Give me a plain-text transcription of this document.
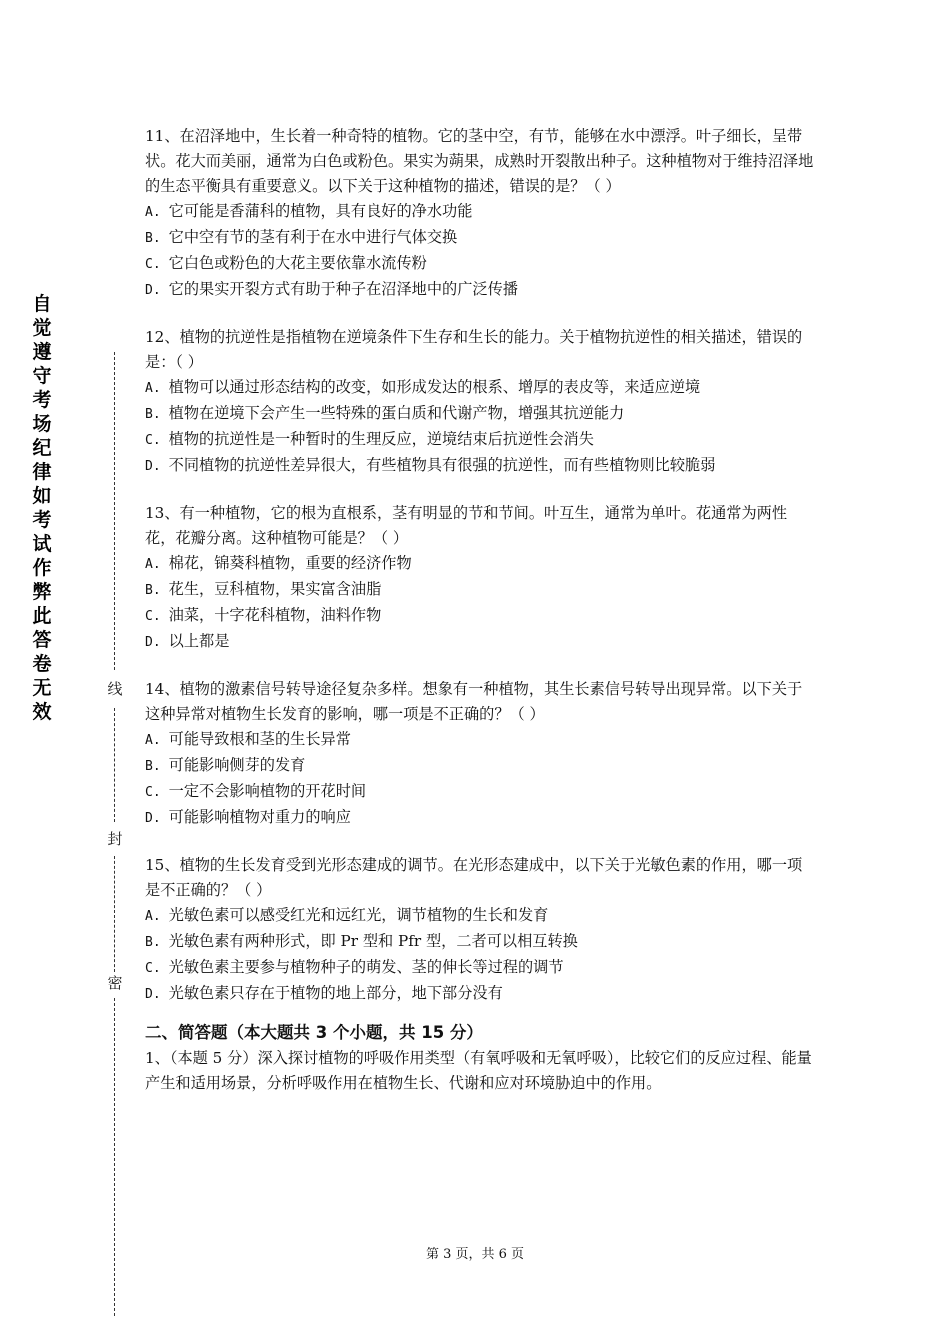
自
觉
遵
守
考
场
纪
律
如
考
试
作
弊
此
答
卷
无
效
线
封
密

11、在沼泽地中，生长着一种奇特的植物。它的茎中空，有节，能够在水中漂浮。叶子细长，呈带状。花大而美丽，通常为白色或粉色。果实为蒴果，成熟时开裂散出种子。这种植物对于维持沼泽地的生态平衡具有重要意义。以下关于这种植物的描述，错误的是？（ ）

A. 它可能是香蒲科的植物，具有良好的净水功能

B. 它中空有节的茎有利于在水中进行气体交换

C. 它白色或粉色的大花主要依靠水流传粉

D. 它的果实开裂方式有助于种子在沼泽地中的广泛传播

12、植物的抗逆性是指植物在逆境条件下生存和生长的能力。关于植物抗逆性的相关描述，错误的是：（ ）

A. 植物可以通过形态结构的改变，如形成发达的根系、增厚的表皮等，来适应逆境

B. 植物在逆境下会产生一些特殊的蛋白质和代谢产物，增强其抗逆能力

C. 植物的抗逆性是一种暂时的生理反应，逆境结束后抗逆性会消失

D. 不同植物的抗逆性差异很大，有些植物具有很强的抗逆性，而有些植物则比较脆弱

13、有一种植物，它的根为直根系，茎有明显的节和节间。叶互生，通常为单叶。花通常为两性花，花瓣分离。这种植物可能是？（ ）

A. 棉花，锦葵科植物，重要的经济作物

B. 花生，豆科植物，果实富含油脂

C. 油菜，十字花科植物，油料作物

D. 以上都是

14、植物的激素信号转导途径复杂多样。想象有一种植物，其生长素信号转导出现异常。以下关于这种异常对植物生长发育的影响，哪一项是不正确的？（ ）

A. 可能导致根和茎的生长异常

B. 可能影响侧芽的发育

C. 一定不会影响植物的开花时间

D. 可能影响植物对重力的响应

15、植物的生长发育受到光形态建成的调节。在光形态建成中，以下关于光敏色素的作用，哪一项是不正确的？（ ）

A. 光敏色素可以感受红光和远红光，调节植物的生长和发育

B. 光敏色素有两种形式，即 Pr 型和 Pfr 型，二者可以相互转换

C. 光敏色素主要参与植物种子的萌发、茎的伸长等过程的调节

D. 光敏色素只存在于植物的地上部分，地下部分没有

二、简答题（本大题共 3 个小题，共 15 分）

1、（本题 5 分）深入探讨植物的呼吸作用类型（有氧呼吸和无氧呼吸），比较它们的反应过程、能量产生和适用场景，分析呼吸作用在植物生长、代谢和应对环境胁迫中的作用。

第 3 页，共 6 页
